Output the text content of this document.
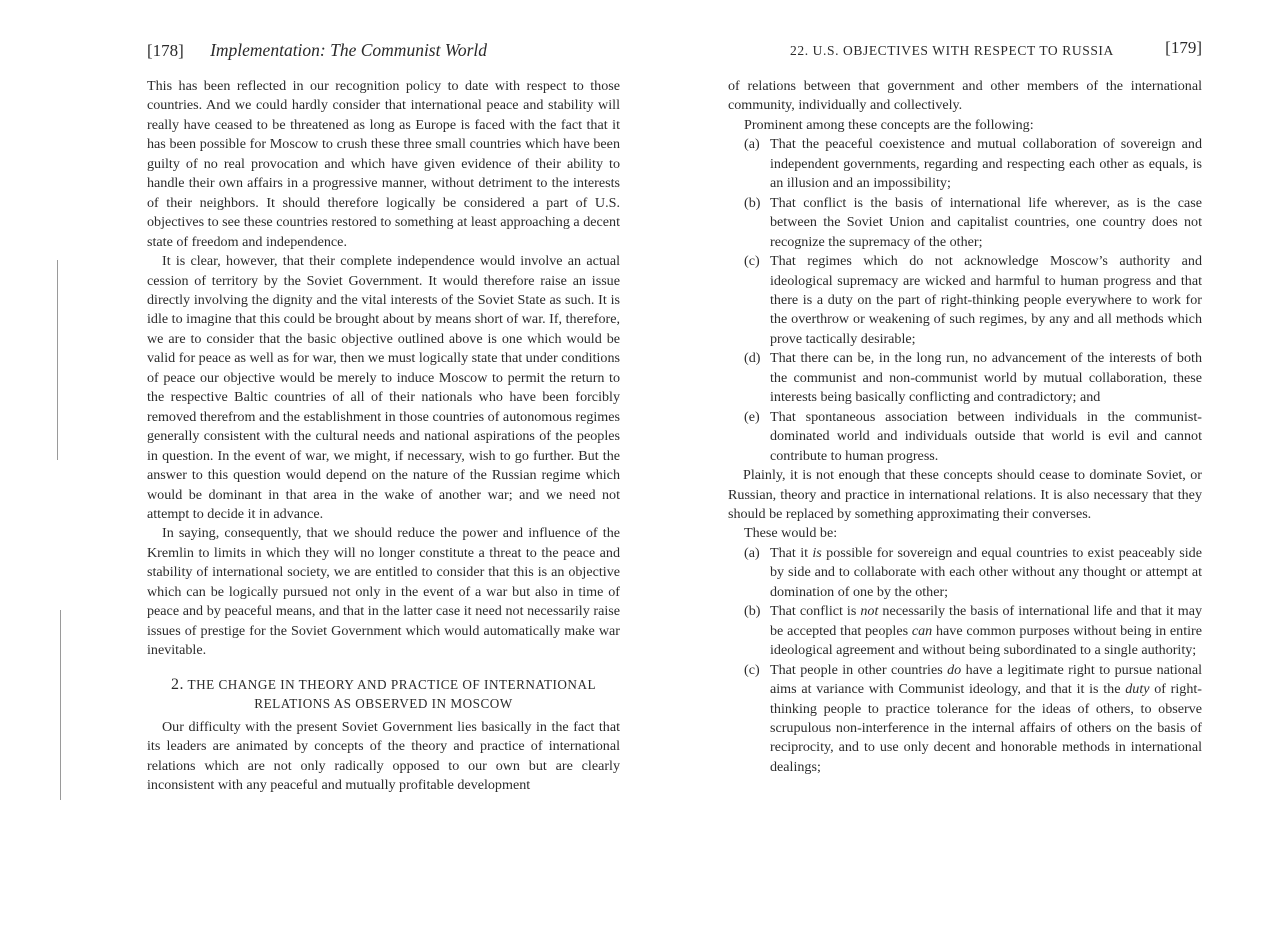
[178] Implementation: The Communist World

This has been reflected in our recognition policy to date with respect to those countries. And we could hardly consider that international peace and stability will really have ceased to be threatened as long as Europe is faced with the fact that it has been possible for Moscow to crush these three small countries which have been guilty of no real provocation and which have given evidence of their ability to handle their own affairs in a progressive manner, without detriment to the interests of their neighbors. It should therefore logically be considered a part of U.S. objectives to see these countries restored to something at least approaching a decent state of freedom and independence.

It is clear, however, that their complete independence would involve an actual cession of territory by the Soviet Government. It would therefore raise an issue directly involving the dignity and the vital interests of the Soviet State as such. It is idle to imagine that this could be brought about by means short of war. If, therefore, we are to consider that the basic objective outlined above is one which would be valid for peace as well as for war, then we must logically state that under conditions of peace our objective would be merely to induce Moscow to permit the return to the respective Baltic countries of all of their nationals who have been forcibly removed therefrom and the establishment in those countries of autonomous regimes generally consistent with the cultural needs and national aspirations of the peoples in question. In the event of war, we might, if necessary, wish to go further. But the answer to this question would depend on the nature of the Russian regime which would be dominant in that area in the wake of another war; and we need not attempt to decide it in advance.

In saying, consequently, that we should reduce the power and influence of the Kremlin to limits in which they will no longer constitute a threat to the peace and stability of international society, we are entitled to consider that this is an objective which can be logically pursued not only in the event of a war but also in time of peace and by peaceful means, and that in the latter case it need not necessarily raise issues of prestige for the Soviet Government which would automatically make war inevitable.

2. THE CHANGE IN THEORY AND PRACTICE OF INTERNATIONAL
RELATIONS AS OBSERVED IN MOSCOW

Our difficulty with the present Soviet Government lies basically in the fact that its leaders are animated by concepts of the theory and practice of international relations which are not only radically opposed to our own but are clearly inconsistent with any peaceful and mutually profitable development

22. U.S. OBJECTIVES WITH RESPECT TO RUSSIA	[179]

of relations between that government and other members of the international community, individually and collectively.

Prominent among these concepts are the following:

(a) That the peaceful coexistence and mutual collaboration of sovereign and independent governments, regarding and respecting each other as equals, is an illusion and an impossibility;
(b) That conflict is the basis of international life wherever, as is the case between the Soviet Union and capitalist countries, one country does not recognize the supremacy of the other;
(c) That regimes which do not acknowledge Moscow’s authority and ideological supremacy are wicked and harmful to human progress and that there is a duty on the part of right-thinking people everywhere to work for the overthrow or weakening of such regimes, by any and all methods which prove tactically desirable;
(d) That there can be, in the long run, no advancement of the interests of both the communist and non-communist world by mutual collaboration, these interests being basically conflicting and contradictory; and
(e) That spontaneous association between individuals in the communist-dominated world and individuals outside that world is evil and cannot contribute to human progress.

Plainly, it is not enough that these concepts should cease to dominate Soviet, or Russian, theory and practice in international relations. It is also necessary that they should be replaced by something approximating their converses.

These would be:

(a) That it is possible for sovereign and equal countries to exist peaceably side by side and to collaborate with each other without any thought or attempt at domination of one by the other;
(b) That conflict is not necessarily the basis of international life and that it may be accepted that peoples can have common purposes without being in entire ideological agreement and without being subordinated to a single authority;
(c) That people in other countries do have a legitimate right to pursue national aims at variance with Communist ideology, and that it is the duty of right-thinking people to practice tolerance for the ideas of others, to observe scrupulous non-interference in the internal affairs of others on the basis of reciprocity, and to use only decent and honorable methods in international dealings;
